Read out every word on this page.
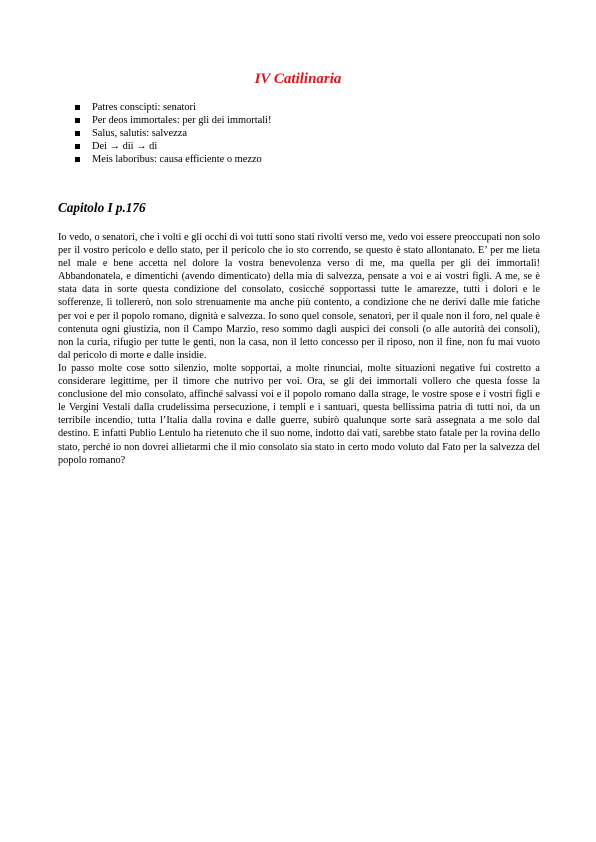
IV Catilinaria
Patres conscipti: senatori
Per deos immortales: per gli dei immortali!
Salus, salutis: salvezza
Dei → dii → di
Meis laboribus: causa efficiente o mezzo
Capitolo I p.176

Io vedo, o senatori, che i volti e gli occhi di voi tutti sono stati rivolti verso me, vedo voi essere preoccupati non solo per il vostro pericolo e dello stato, per il pericolo che io sto correndo, se questo è stato allontanato. E’ per me lieta nel male e bene accetta nel dolore la vostra benevolenza verso di me, ma quella per gli dei immortali! Abbandonatela, e dimentichi (avendo dimenticato) della mia di salvezza, pensate a voi e ai vostri figli. A me, se è stata data in sorte questa condizione del consolato, cosicché sopportassi tutte le amarezze, tutti i dolori e le sofferenze, li tollererò, non solo strenuamente ma anche più contento, a condizione che ne derivi dalle mie fatiche per voi e per il popolo romano, dignità e salvezza. Io sono quel console, senatori, per il quale non il foro, nel quale è contenuta ogni giustizia, non il Campo Marzio, reso sommo dagli auspici dei consoli (o alle autorità dei consoli), non la curia, rifugio per tutte le genti, non la casa, non il letto concesso per il riposo, non il fine, non fu mai vuoto dal pericolo di morte e dalle insidie.

Io passo molte cose sotto silenzio, molte sopportai, a molte rinunciai, molte situazioni negative fui costretto a considerare legittime, per il timore che nutrivo per voi. Ora, se gli dei immortali vollero che questa fosse la conclusione del mio consolato, affinché salvassi voi e il popolo romano dalla strage, le vostre spose e i vostri figli e le Vergini Vestali dalla crudelissima persecuzione, i templi e i santuari, questa bellissima patria di tutti noi, da un terribile incendio, tutta l’Italia dalla rovina e dalle guerre, subirò qualunque sorte sarà assegnata a me solo dal destino. E infatti Publio Lentulo ha rietenuto che il suo nome, indotto dai vati, sarebbe stato fatale per la rovina dello stato, perché io non dovrei allietarmi che il mio consolato sia stato in certo modo voluto dal Fato per la salvezza del popolo romano?
